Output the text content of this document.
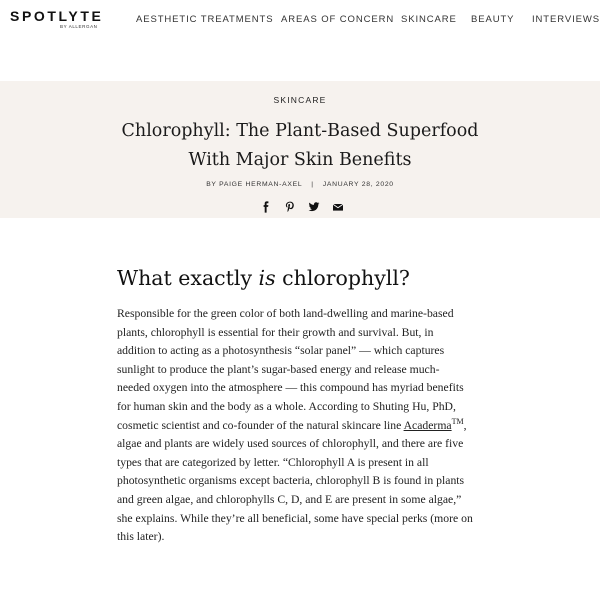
SPOTLYTE
BY ALLERGAN
AESTHETIC TREATMENTS AREAS OF CONCERN SKINCARE BEAUTY INTERVIEWS
SKINCARE
Chlorophyll: The Plant-Based Superfood
With Major Skin Benefits
BY PAIGE HERMAN-AXEL | JANUARY 28, 2020
What exactly is chlorophyll?

Responsible for the green color of both land-dwelling and marine-based
plants, chlorophyll is essential for their growth and survival. But, in
addition to acting as a photosynthesis “solar panel” — which captures
sunlight to produce the plant’s sugar-based energy and release much-
needed oxygen into the atmosphere — this compound has myriad benefits
for human skin and the body as a whole. According to Shuting Hu, PhD,
cosmetic scientist and co-founder of the natural skincare line Acaderma™,
algae and plants are widely used sources of chlorophyll, and there are five
types that are categorized by letter. “Chlorophyll A is present in all
photosynthetic organisms except bacteria, chlorophyll B is found in plants
and green algae, and chlorophylls C, D, and E are present in some algae,”
she explains. While they’re all beneficial, some have special perks (more on
this later).
